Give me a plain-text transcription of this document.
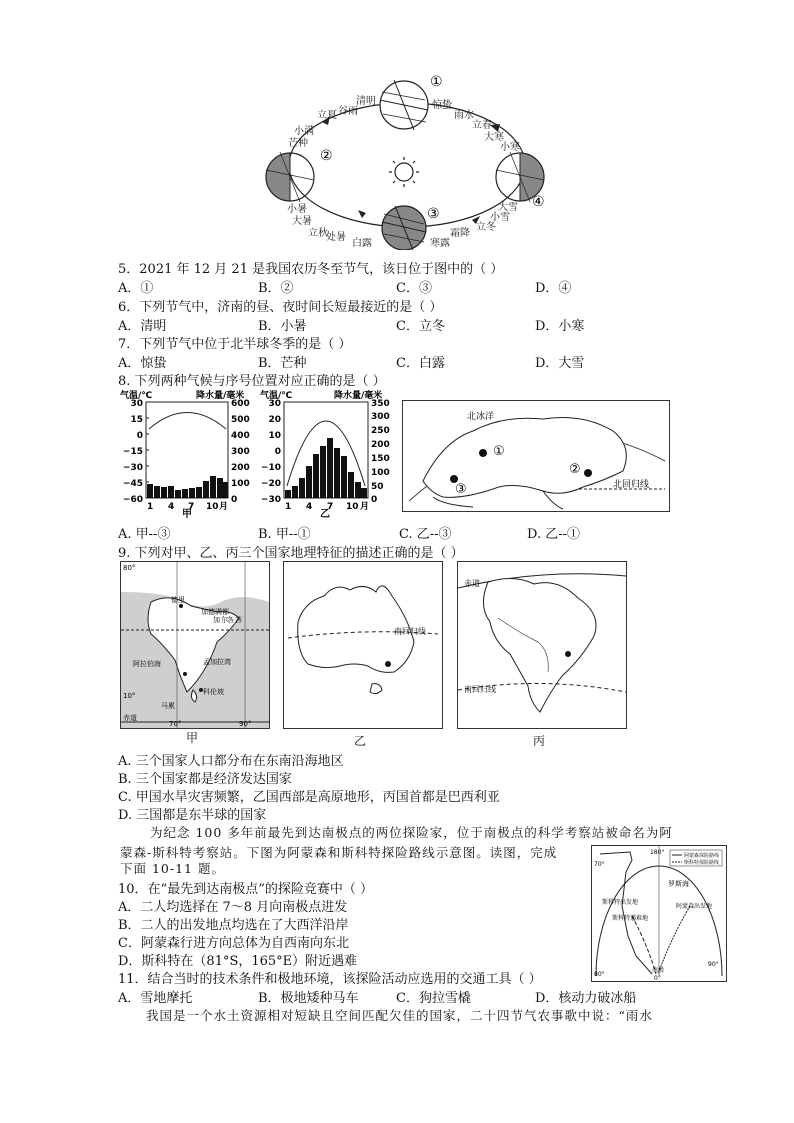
①
②
③
④
立夏 谷雨
清明	惊蛰
雨水
立春
小满
芒种
小暑
大暑
立秋
处暑
白露
大寒
小寒
大雪
小雪
立冬
霜降
寒露
5．2021 年 12 月 21 是我国农历冬至节气，该日位于图中的（ ）
A．①	B．②	C．③	D．④
6．下列节气中，济南的昼、夜时间长短最接近的是（ ）
A．清明	B．小暑	C．立冬	D．小寒
7．下列节气中位于北半球冬季的是（ ）
A．惊蛰	B．芒种	C．白露	D．大雪
8. 下列两种气候与序号位置对应正确的是（ ）
气温/℃	降水量/毫米
30
15
0
−15
−30
−45
−60
600
500
400
300
200
100
0
1 4 7 10 月
甲
气温/℃	降水量/毫米
30
20
10
0
−10
−20
−30
350
300
250
200
150
100
50
0
1 4 7 10 月
乙
北冰洋
①
②
③	北回归线
A. 甲--③	B. 甲--①	C. 乙--③	D. 乙--①
9. 下列对甲、乙、丙三个国家地理特征的描述正确的是（ ）
80°
加德满都
德里
加 尔 各 答
阿拉伯海	孟加拉湾
科伦坡
马累
赤道
70°	90°
10°
南回归线
赤道
南回归线
甲	乙	丙
A. 三个国家人口都分布在东南沿海地区
B. 三个国家都是经济发达国家
C. 甲国水旱灾害频繁，乙国西部是高原地形，丙国首都是巴西利亚
D. 三国都是东半球的国家
为纪念 100 多年前最先到达南极点的两位探险家，位于南极点的科学考察站被命名为阿
蒙森-斯科特考察站。下图为阿蒙森和斯科特探险路线示意图。读图，完成
下面 10-11 题。
阿蒙森探险路线
斯科特探险路线
70°
180°
罗斯海
斯科特出发地
阿蒙森出发地
斯科特遇难地
南极
90°
80°
0°
10．在“最先到达南极点”的探险竞赛中（ ）
A．二人均选择在 7～8 月向南极点进发
B．二人的出发地点均选在了大西洋沿岸
C．阿蒙森行进方向总体为自西南向东北
D．斯科特在（81°S，165°E）附近遇难
11．结合当时的技术条件和极地环境，该探险活动应选用的交通工具（ ）
A．雪地摩托	B．极地矮种马车	C．狗拉雪橇	D．核动力破冰船
我国是一个水土资源相对短缺且空间匹配欠佳的国家，二十四节气农事歌中说：“雨水
